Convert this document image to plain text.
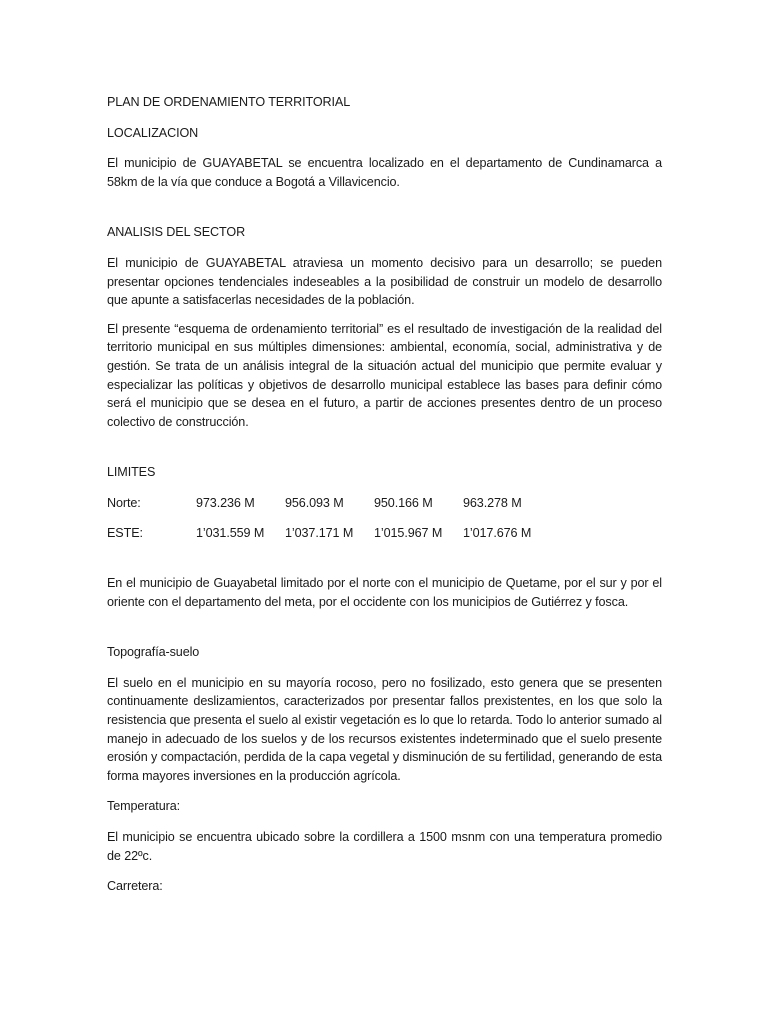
PLAN DE ORDENAMIENTO TERRITORIAL

LOCALIZACION

El municipio de GUAYABETAL se encuentra localizado en el departamento de Cundinamarca a 58km de la vía que conduce a Bogotá a Villavicencio.

ANALISIS DEL SECTOR

El municipio de GUAYABETAL atraviesa un momento decisivo para un desarrollo; se pueden presentar opciones tendenciales indeseables a la posibilidad de construir un modelo de desarrollo que apunte a satisfacerlas necesidades de la población.

El presente “esquema de ordenamiento territorial” es el resultado de investigación de la realidad del territorio municipal en sus múltiples dimensiones: ambiental, economía, social, administrativa y de gestión. Se trata de un análisis integral de la situación actual del municipio que permite evaluar y especializar las políticas y objetivos de desarrollo municipal establece las bases para definir cómo será el municipio que se desea en el futuro, a partir de acciones presentes dentro de un proceso colectivo de construcción.

LIMITES

Norte:	973.236 M	956.093 M	950.166 M	963.278 M
ESTE:	1’031.559 M	1’037.171 M	1’015.967 M	1’017.676 M

En el municipio de Guayabetal limitado por el norte con el municipio de Quetame, por el sur y por el oriente con el departamento del meta, por el occidente con los municipios de Gutiérrez y fosca.

Topografía-suelo

El suelo en el municipio en su mayoría rocoso, pero no fosilizado, esto genera que se presenten continuamente deslizamientos, caracterizados por presentar fallos prexistentes, en los que solo la resistencia que presenta el suelo al existir vegetación es lo que lo retarda. Todo lo anterior sumado al manejo in adecuado de los suelos y de los recursos existentes indeterminado que el suelo presente erosión y compactación, perdida de la capa vegetal y disminución de su fertilidad, generando de esta forma mayores inversiones en la producción agrícola.

Temperatura:

El municipio se encuentra ubicado sobre la cordillera a 1500 msnm con una temperatura promedio de 22ºc.

Carretera:
